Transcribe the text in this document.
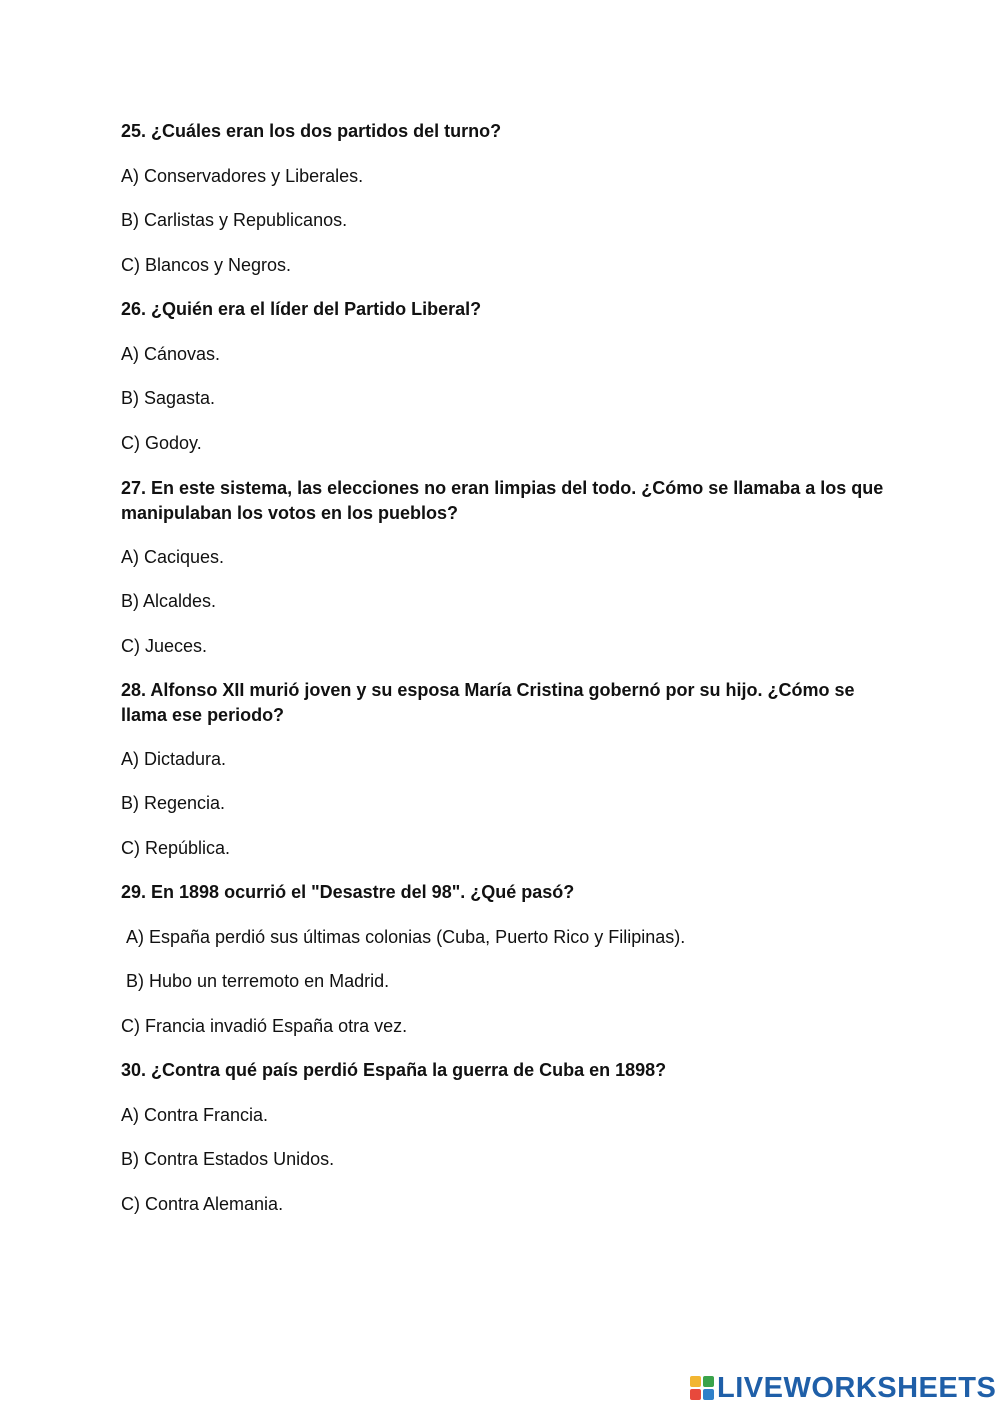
25. ¿Cuáles eran los dos partidos del turno?

A) Conservadores y Liberales.

B) Carlistas y Republicanos.

C) Blancos y Negros.

26. ¿Quién era el líder del Partido Liberal?

A) Cánovas.

B) Sagasta.

C) Godoy.

27. En este sistema, las elecciones no eran limpias del todo. ¿Cómo se llamaba a los que manipulaban los votos en los pueblos?

A) Caciques.

B) Alcaldes.

C) Jueces.

28. Alfonso XII murió joven y su esposa María Cristina gobernó por su hijo. ¿Cómo se llama ese periodo?

A) Dictadura.

B) Regencia.

C) República.

29. En 1898 ocurrió el "Desastre del 98". ¿Qué pasó?

A) España perdió sus últimas colonias (Cuba, Puerto Rico y Filipinas).

B) Hubo un terremoto en Madrid.

C) Francia invadió España otra vez.

30. ¿Contra qué país perdió España la guerra de Cuba en 1898?

A) Contra Francia.

B) Contra Estados Unidos.

C) Contra Alemania.

LIVEWORKSHEETS
